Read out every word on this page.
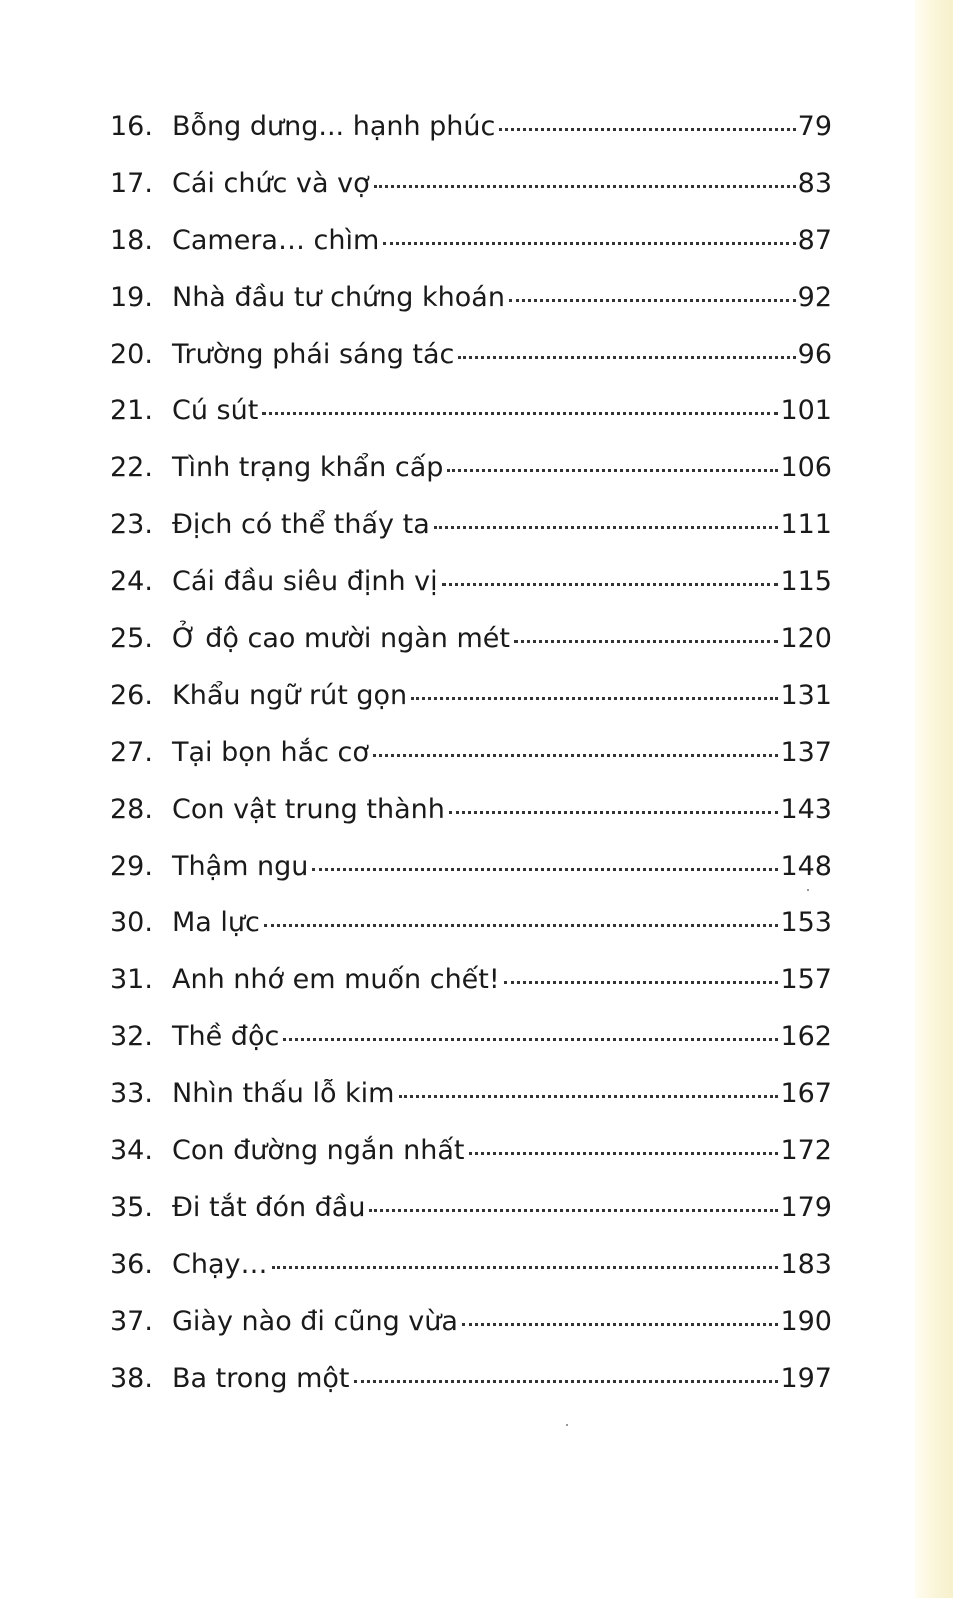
16. Bỗng dưng... hạnh phúc	79
17. Cái chức và vợ	83
18. Camera… chìm	87
19. Nhà đầu tư chứng khoán	92
20. Trường phái sáng tác	96
21. Cú sút	101
22. Tình trạng khẩn cấp	106
23. Địch có thể thấy ta	111
24. Cái đầu siêu định vị	115
25. Ở độ cao mười ngàn mét	120
26. Khẩu ngữ rút gọn	131
27. Tại bọn hắc cơ	137
28. Con vật trung thành	143
29. Thậm ngu	148
30. Ma lực	153
31. Anh nhớ em muốn chết!	157
32. Thề độc	162
33. Nhìn thấu lỗ kim	167
34. Con đường ngắn nhất	172
35. Đi tắt đón đầu	179
36. Chạy…	183
37. Giày nào đi cũng vừa	190
38. Ba trong một	197
